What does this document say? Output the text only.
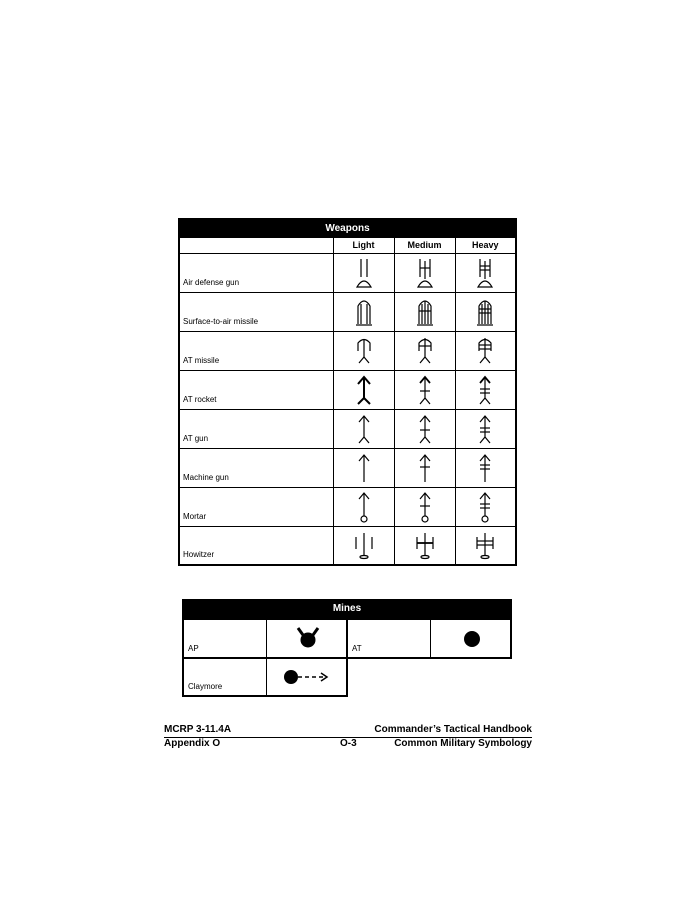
Weapons			
	Light	Medium	Heavy
Air defense gun	

Surface-to-air missile	

AT missile	

AT rocket	

AT gun	

Machine gun	

Mortar	

Howitzer	

Mines
AP	AT
Claymore
MCRP 3-11.4A	Commander’s Tactical Handbook
Appendix O	O-3	Common Military Symbology
